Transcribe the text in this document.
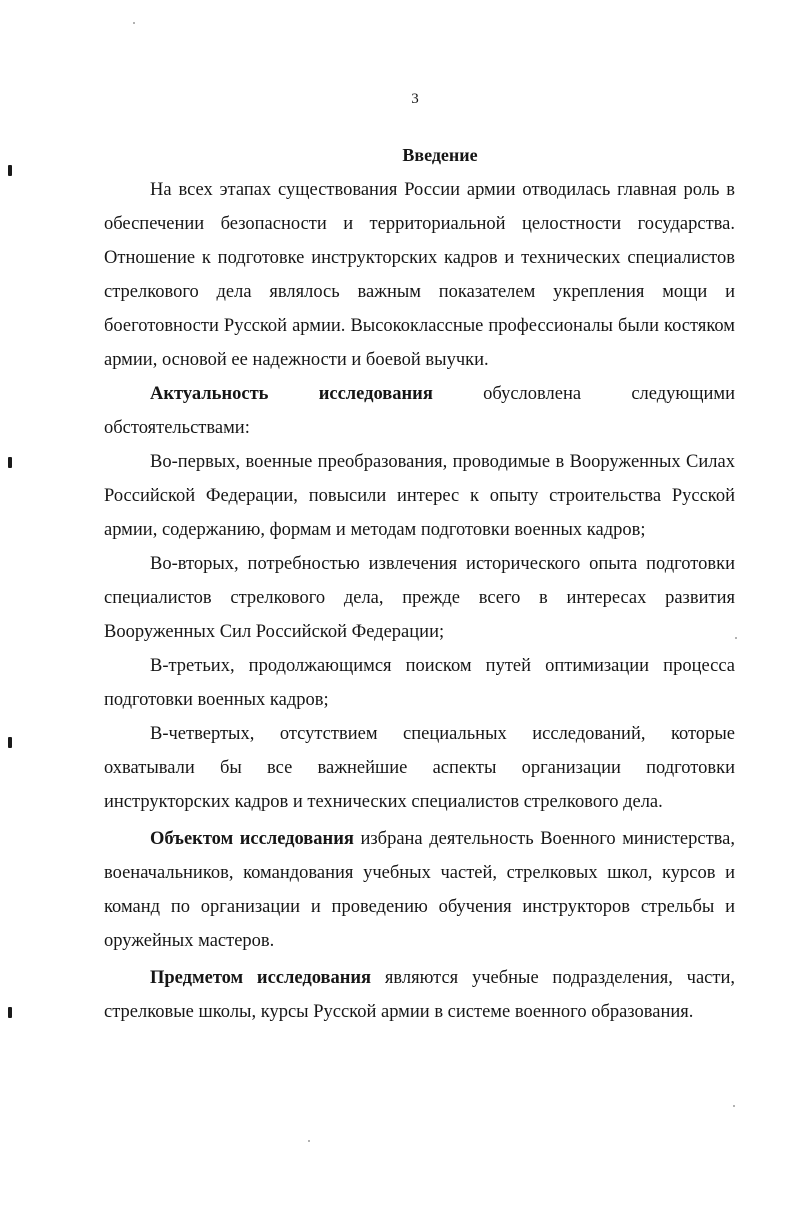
3
Введение

На всех этапах существования России армии отводилась главная роль в обеспечении безопасности и территориальной целостности государства. Отношение к подготовке инструкторских кадров и технических специалистов стрелкового дела являлось важным показателем укрепления мощи и боеготовности Русской армии. Высококлассные профессионалы были костяком армии, основой ее надежности и боевой выучки.

Актуальность исследования обусловлена следующими обстоятельствами:

Во-первых, военные преобразования, проводимые в Вооруженных Силах Российской Федерации, повысили интерес к опыту строительства Русской армии, содержанию, формам и методам подготовки военных кадров;

Во-вторых, потребностью извлечения исторического опыта подготовки специалистов стрелкового дела, прежде всего в интересах развития Вооруженных Сил Российской Федерации;

В-третьих, продолжающимся поиском путей оптимизации процесса подготовки военных кадров;

В-четвертых, отсутствием специальных исследований, которые охватывали бы все важнейшие аспекты организации подготовки инструкторских кадров и технических специалистов стрелкового дела.

Объектом исследования избрана деятельность Военного министерства, военачальников, командования учебных частей, стрелковых школ, курсов и команд по организации и проведению обучения инструкторов стрельбы и оружейных мастеров.

Предметом исследования являются учебные подразделения, части, стрелковые школы, курсы Русской армии в системе военного образования.
